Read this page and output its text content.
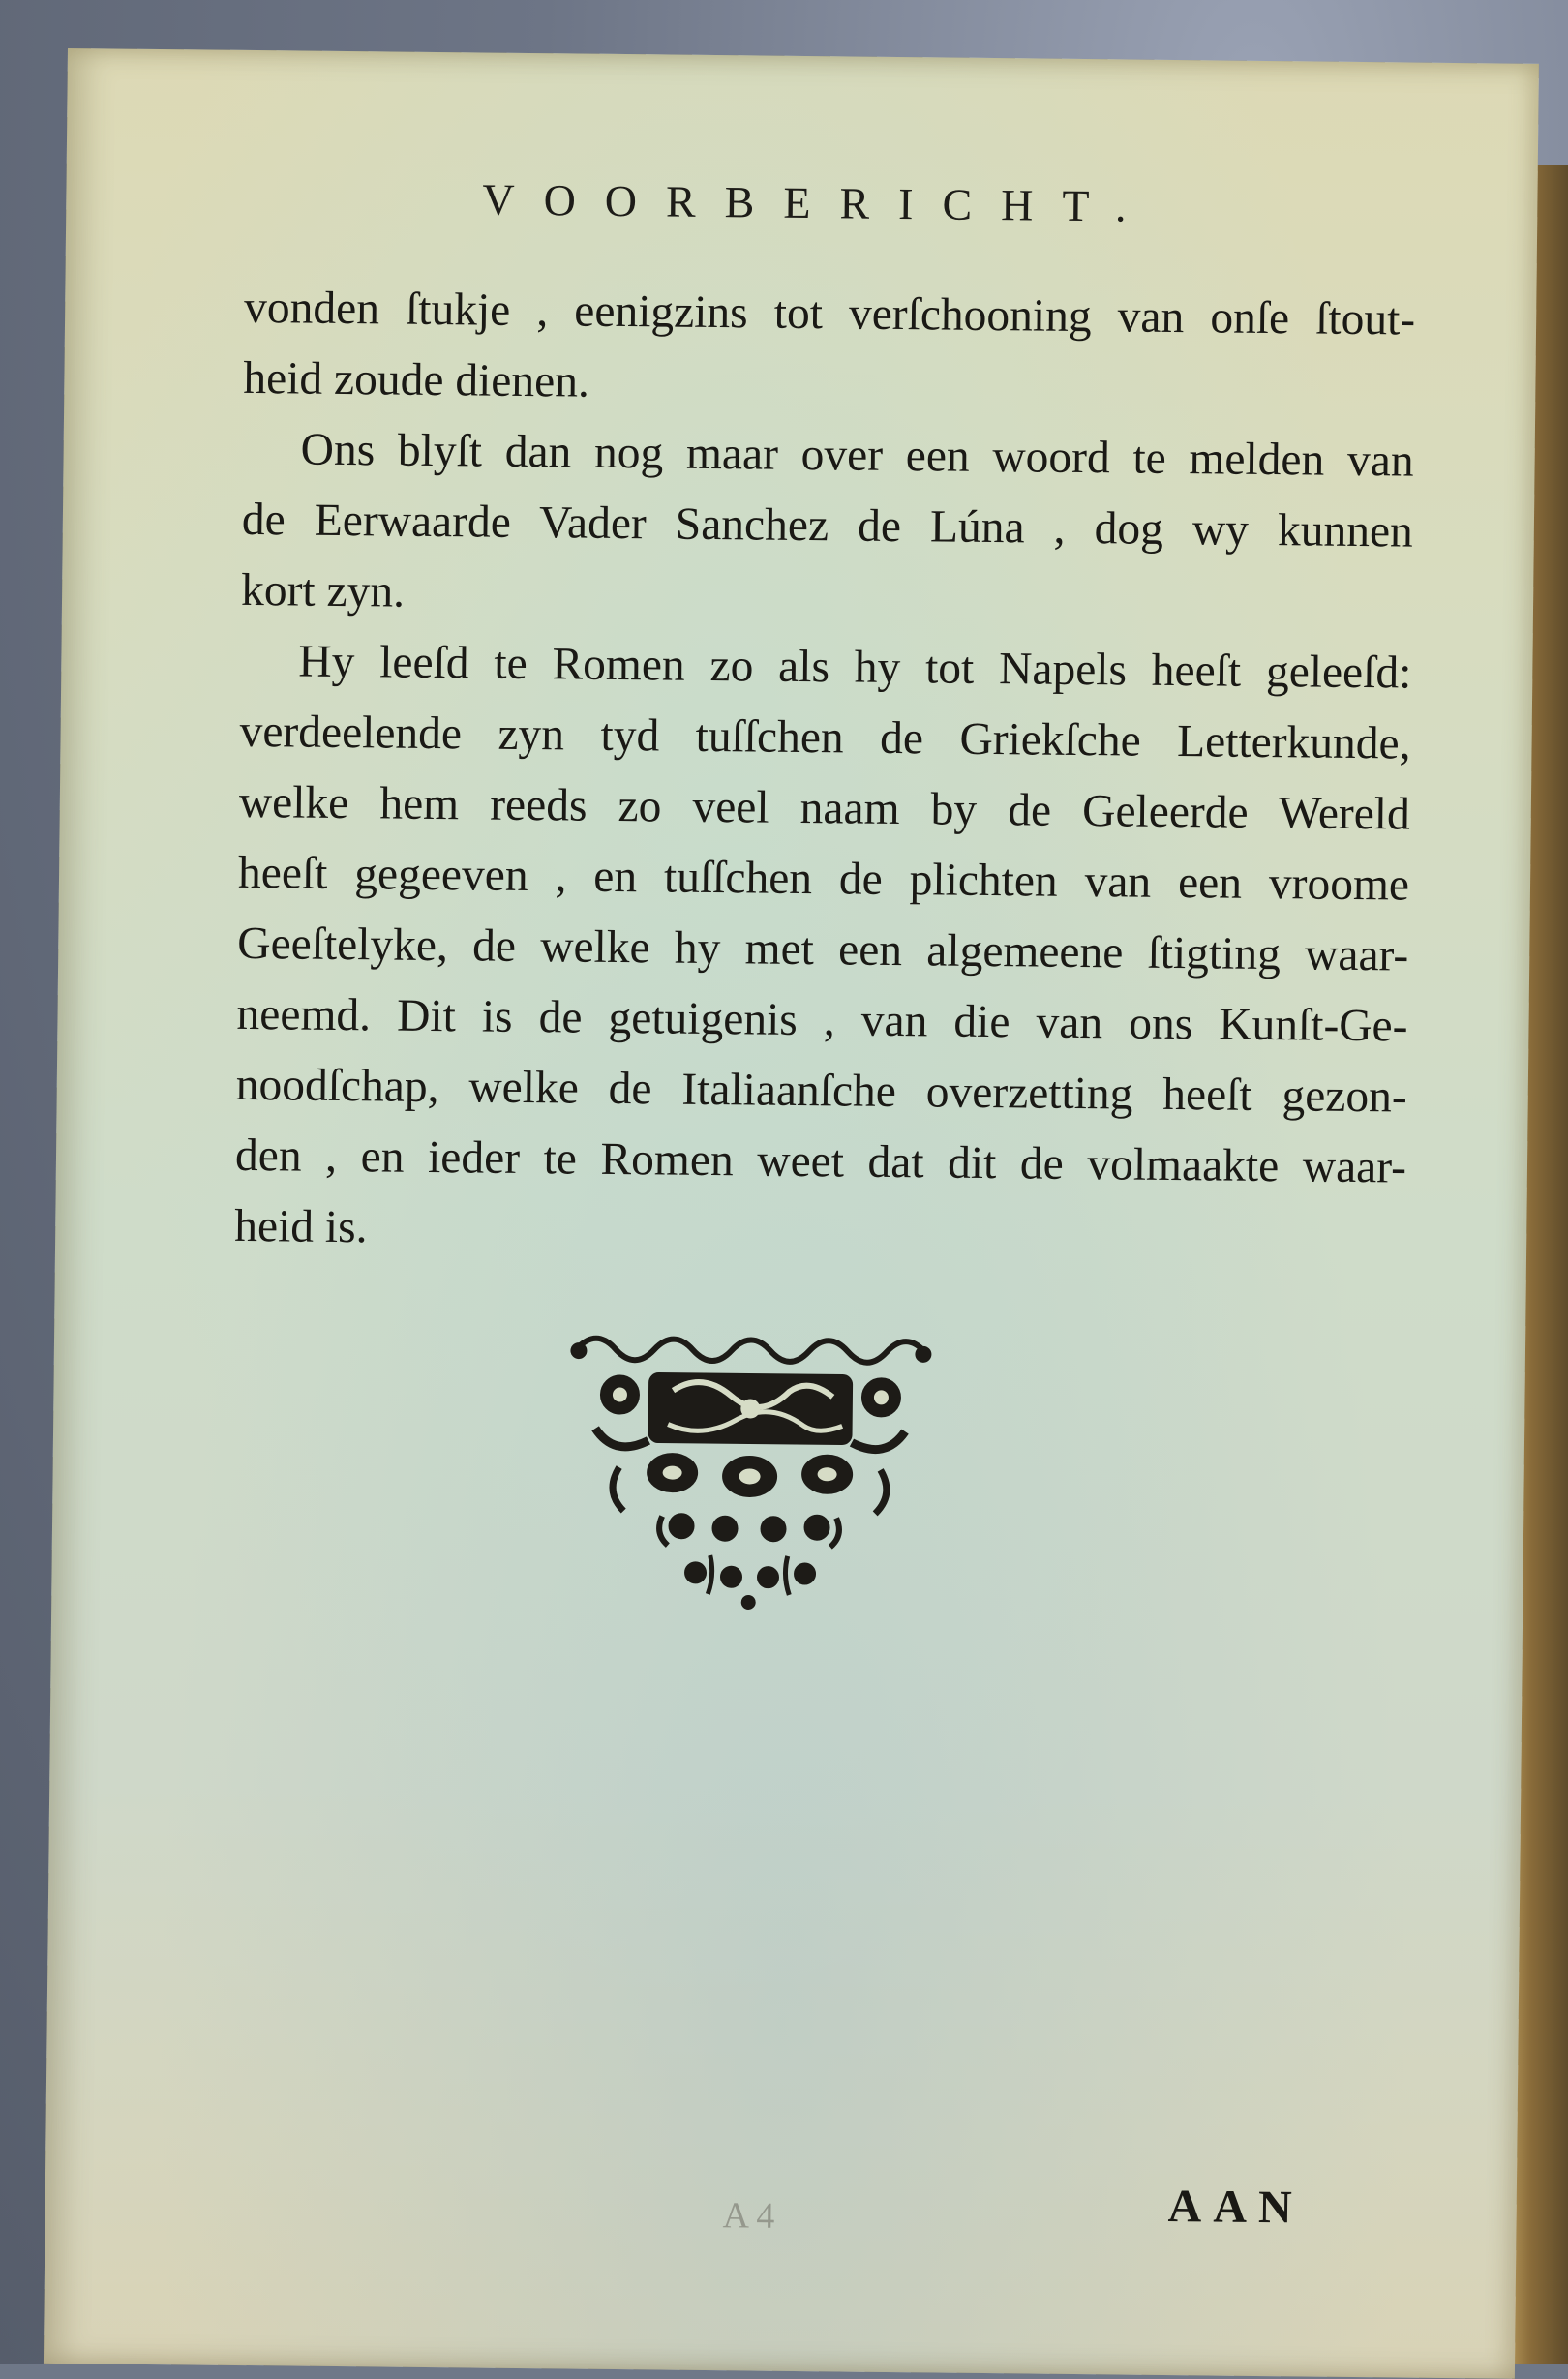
VOORBERICHT.
vonden ſtukje , eenigzins tot verſchooning van onſe ſtout-
heid zoude dienen.
Ons blyſt dan nog maar over een woord te melden van
de Eerwaarde Vader Sanchez de Lúna , dog wy kunnen
kort zyn.
Hy leeſd te Romen zo als hy tot Napels heeſt geleeſd:
verdeelende zyn tyd tuſſchen de Griekſche Letterkunde,
welke hem reeds zo veel naam by de Geleerde Wereld
heeſt gegeeven , en tuſſchen de plichten van een vroome
Geeſtelyke, de welke hy met een algemeene ſtigting waar-
neemd. Dit is de getuigenis , van die van ons Kunſt-Ge-
noodſchap, welke de Italiaanſche overzetting heeſt gezon-
den , en ieder te Romen weet dat dit de volmaakte waar-
heid is.
A 4	AAN
